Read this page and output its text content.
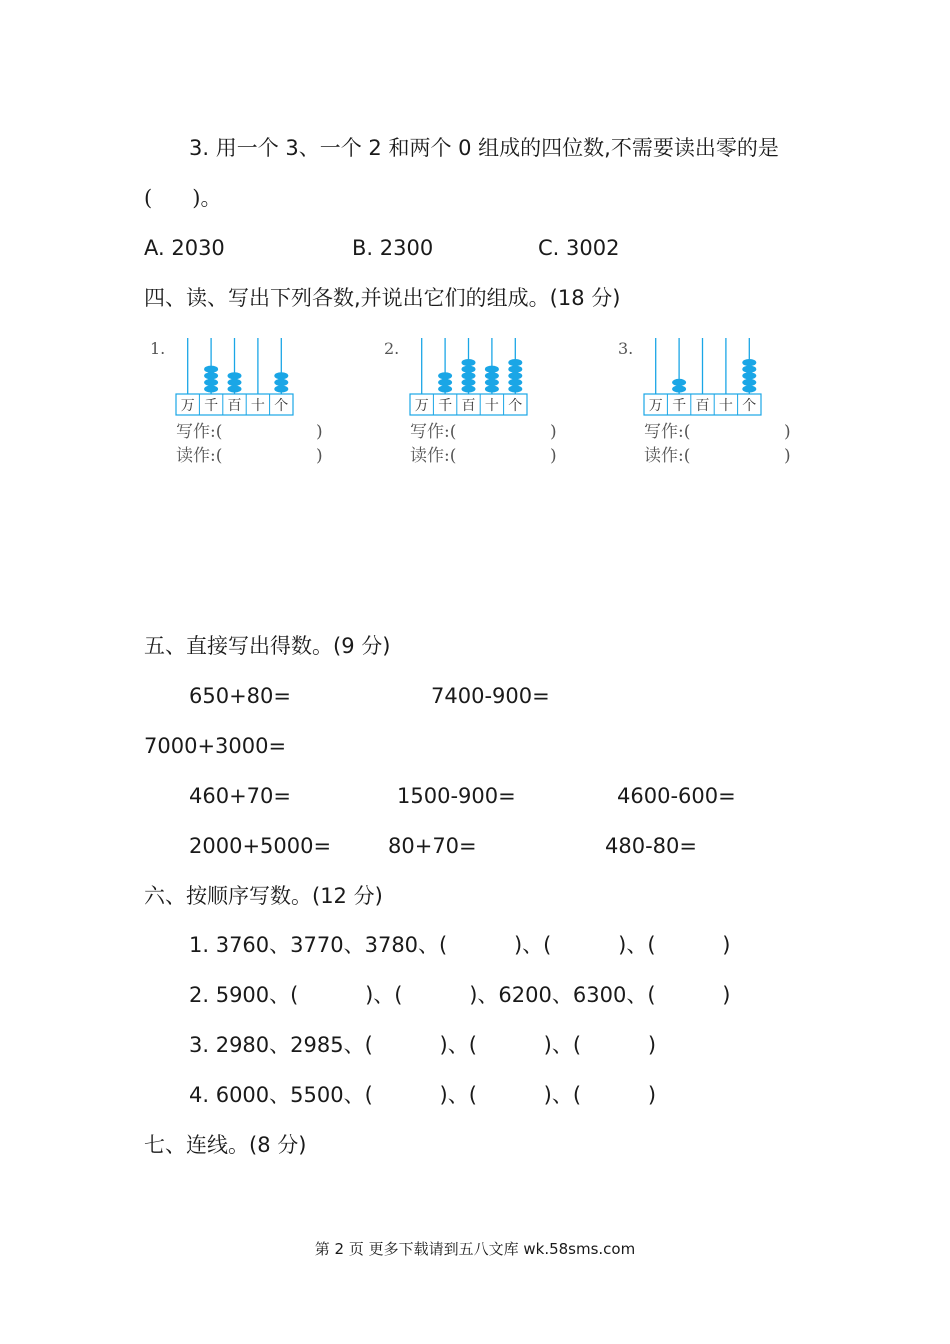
3. 用一个 3、一个 2 和两个 0 组成的四位数,不需要读出零的是
(      )。
A. 2030	B. 2300	C. 3002
四、读、写出下列各数,并说出它们的组成。(18 分)
1.
万 千 百 十 个
写作:(	)
读作:(	)
2.
万 千 百 十 个
写作:(	)
读作:(	)
3.
万 千 百 十 个
写作:(	)
读作:(	)
五、直接写出得数。(9 分)
650+80=	7400-900=
7000+3000=
460+70=	1500-900=	4600-600=
2000+5000=	80+70=	480-80=
六、按顺序写数。(12 分)
1. 3760、3770、3780、(          )、(          )、(          )
2. 5900、(          )、(          )、6200、6300、(          )
3. 2980、2985、(          )、(          )、(          )
4. 6000、5500、(          )、(          )、(          )
七、连线。(8 分)
第 2 页 更多下载请到五八文库 wk.58sms.com
